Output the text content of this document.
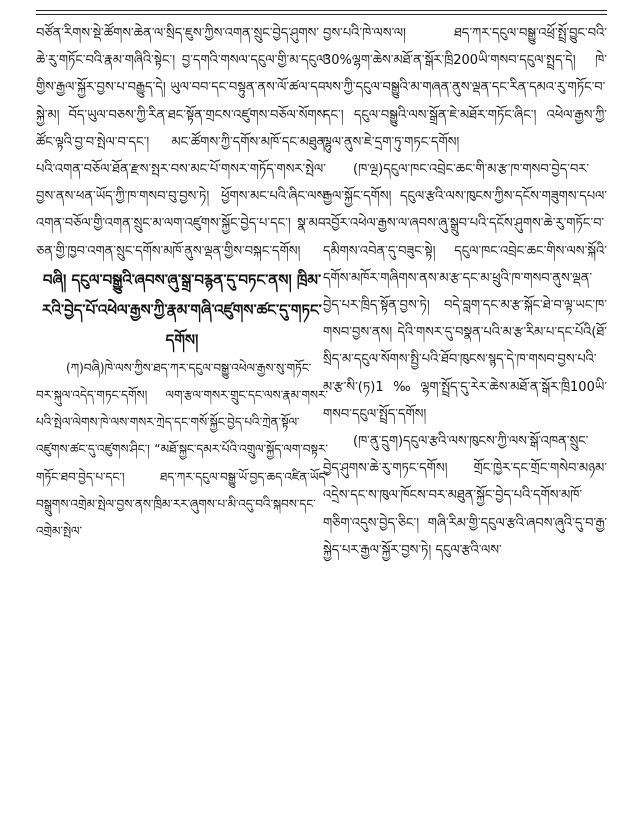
བཙོན་རིགས་སྡེ་ཚོགས་ཆེན་ལ་སྲིད་ཇུས་ཀྱིས་འགན་སྲུང་བྱེད་ཤུགས་ཆེ་རུ་གཏོང་བའི་རྣམ་གཞིའི་སྟེང་། བྱ་དགའི་གསལ་དངུལ་གྱི་མ་དངུལ་གྱིས་རྒྱལ་སྐྱོར་བྱས་པ་བརྒྱུད་དེ། ཡུལ་བབ་དང་བསྟུན་ནས་ལོ་ཚལ་དང་སྐྱེ་མ། བོད་ཡུལ་བཅས་ཀྱི་རིན་ཐང་སྟོན་གྲངས་འཛུགས་བཅོལ་སོགས་ཚོང་ལྟའི་བྱ་བ་སྤེལ་བ་དང་། མང་ཚོགས་ཀྱི་དགོས་མཁོ་དང་མཐུན་པའི་འགན་བཅོལ་ཐོན་རྫས་སྤར་བས་མང་པོ་གསར་གཏོད་གསར་སྤེལ་བྱས་ནས་ཕན་ཡོད་ཀྱི་ཁ་གསབ་བུ་བྱས་ཏེ། ཕྱོགས་མང་པའི་ཞིང་ལས་འགན་བཅོལ་གྱི་འགན་སྲུང་མ་ལག་འཛུགས་སྐྱོང་བྱེད་པ་དང་། སྣ་མང་ཅན་གྱི་ཁྱབ་འགན་སྲུང་དགོས་མཁོ་ནུས་ལྡན་གྱིས་བསྐང་དགོས།

བཞི། དངུལ་བསྒྱུའི་ཞབས་ཞུ་སྒྲ་བརྙན་དུ་བཏང་ནས། ཁྲིམ་རའི་བྱེད་པོ་འཕེལ་རྒྱས་ཀྱི་རྣམ་གཞི་འཛུགས་ཚང་དུ་གཏང་དགོས།

(ཀ)བཞི)ཁེ་ལས་ཀྱིས་ཐད་ཀར་དངུལ་བསྒྱུ་འཕེལ་རྒྱས་སུ་གཏོང་བར་སྐུལ་འདེད་གཏང་དགོས། ལག་རྩལ་གསར་གྲུང་དང་ལས་རྣམ་གསར་པའི་སྤེལ་ལེགས་ཁེ་ལས་གསར་ཀྲེད་དང་གསོ་སྐྱོང་བྱེད་པའི་ཀྲེན་སྟོལ་འཛུགས་ཚང་དུ་འཛུགས་ཤིང་། “མཐོ་སྐྱང་དམར་པོའི་འགྲུལ་སྐྱོད་ལག་བསྟར་གཏོང་ཐབ་བྱེད་པ་དང་། ཐད་ཀར་དངུལ་བསྒྱུ་ཡོ་བྱད་ཆད་འཛིན་ཡོད་བསྒྲུགས་འགྲེམ་སྤེལ་བྱས་ནས་ཁྲིམ་རར་ཞུགས་པ་མི་འདུ་བའི་སྐབས་དང་འགྲེམ་སྤེལ་

བྱས་པའི་ཁེ་ལས་ལ། ཐད་ཀར་དངུལ་བསྒྱུ་འཕྲོ་སྤྲོ་བྱུང་བའི་30%ལྷག་ཆེས་མཐོ་ན་སྒོར་ཁྲི200ཡི་གསབ་དངུལ་སྤྲད་དེ། ཁེ་ལས་ཀྱི་དངུལ་བསྒྱུའི་མ་གཞན་ནུས་ལྡན་དང་རིན་དམའ་རུ་གཏོང་བ་དང་། དངུལ་བསྒྱུའི་ལས་སྒྲོན་ཇེ་མཐོར་གཏོང་ཞིང་། འཕེལ་རྒྱས་ཀྱི་ལྷུལ་ནུས་ཇེ་དྲག་ཏུ་གཏང་དགོས།

(ཁ་ལྔ)དངུལ་ཁང་འབྲེང་ཆང་གི་མ་རྩ་ཁ་གསབ་བྱེད་བར་རྒྱལ་སྐྱོང་དགོས། དངུལ་རྩའི་ལས་ཁུངས་ཀྱིས་དངོས་གཟུགས་དཔལ་འབྱོར་འཕེལ་རྒྱས་ལ་ཞབས་ཞུ་སྒྲུབ་པའི་དངོས་ཤུགས་ཆེ་རུ་གཏོང་བ་དམིགས་འབེན་དུ་བཟུང་སྟེ། དངུལ་ཁང་འབྲེང་ཆང་གིས་ལས་སྐོའི་དགོས་མཁོར་གཞིགས་ནས་མ་རྩ་དང་མ་ཕྲུའི་ཁ་གསབ་ནུས་ལྡན་བྱེད་པར་ཁྲིད་སྟོན་བྱས་ཏེ། བདེ་བླག་དང་མ་རྩ་སྐོང་ཐེ་བ་ལྟ་ཡང་ཁ་གསབ་བྱས་ནས། དེའི་གསར་དུ་བསྣན་པའི་མ་རྩ་རིམ་པ་དང་པོའི(ཐོ་སྲིད་མ་དངུལ་སོགས་སྤྱི་པའི་ཐོབ་ཁུངས་སྙད་དེ་ཁ་གསབ་བྱས་པའི་མ་རྩ་སི་(ཏ)1‰ལྷག་སྤྲོད་དུ་རེར་ཆེས་མཐོ་ན་སྒོར་ཁྲི100ཡི་གསབ་དངུལ་སྤྲོད་དགོས།

(ཁ་ནུ་དྲུག)དངུལ་རྩའི་ལས་ཁུངས་ཀྱི་ལས་སྒོ་འཁན་སྲུང་བྱེད་ཤུགས་ཆེ་རུ་གཏང་དགོས། གྲོང་ཁྱེར་དང་གྲོང་གསེབ་མཉམ་འདྲེས་དང་ས་ཁུལ་ཁོངས་བར་མཐུན་སྐྱོང་བྱེད་པའི་དགོས་མཁོ་གཅིག་འདུས་བྱེད་ཅིང་། གཞི་རིམ་གྱི་དངུལ་རྩའི་ཞབས་ཞུའི་དུ་བ་རྒྱ་སྐྱེད་པར་རྒྱལ་སྐྱོར་བྱས་ཏེ། དངུལ་རྩའི་ལས་
